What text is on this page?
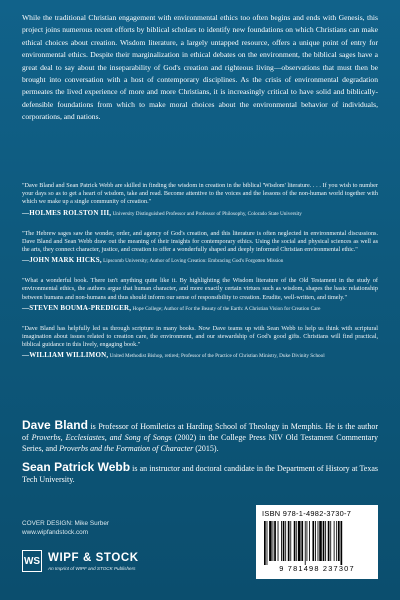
While the traditional Christian engagement with environmental ethics too often begins and ends with Genesis, this project joins numerous recent efforts by biblical scholars to identify new foundations on which Christians can make ethical choices about creation. Wisdom literature, a largely untapped resource, offers a unique point of entry for environmental ethics. Despite their marginalization in ethical debates on the environment, the biblical sages have a great deal to say about the inseparability of God's creation and righteous living—observations that must then be brought into conversation with a host of contemporary disciplines. As the crisis of environmental degradation permeates the lived experience of more and more Christians, it is increasingly critical to have solid and biblically-defensible foundations from which to make moral choices about the environmental behavior of individuals, corporations, and nations.
"Dave Bland and Sean Patrick Webb are skilled in finding the wisdom in creation in the biblical 'Wisdom' literature. . . . If you wish to number your days so as to get a heart of wisdom, take and read. Become attentive to the voices and the lessons of the non-human world together with which we make up a single community of creation."
—HOLMES ROLSTON III, University Distinguished Professor and Professor of Philosophy, Colorado State University
"The Hebrew sages saw the wonder, order, and agency of God's creation, and this literature is often neglected in environmental discussions. Dave Bland and Sean Webb draw out the meaning of their insights for contemporary ethics. Using the social and physical sciences as well as the arts, they connect character, justice, and creation to offer a wonderfully shaped and deeply informed Christian environmental ethic."
—JOHN MARK HICKS, Lipscomb University; Author of Loving Creation: Embracing God's Forgotten Mission
"What a wonderful book. There isn't anything quite like it. By highlighting the Wisdom literature of the Old Testament in the study of environmental ethics, the authors argue that human character, and more exactly certain virtues such as wisdom, shapes the basic relationship between humans and non-humans and thus should inform our sense of responsibility to creation. Erudite, well-written, and timely."
—STEVEN BOUMA-PREDIGER, Hope College; Author of For the Beauty of the Earth: A Christian Vision for Creation Care
"Dave Bland has helpfully led us through scripture in many books. Now Dave teams up with Sean Webb to help us think with scriptural imagination about issues related to creation care, the environment, and our stewardship of God's good gifts. Christians will find practical, biblical guidance in this lively, engaging book."
—WILLIAM WILLIMON, United Methodist Bishop, retired; Professor of the Practice of Christian Ministry, Duke Divinity School
Dave Bland is Professor of Homiletics at Harding School of Theology in Memphis. He is the author of Proverbs, Ecclesiastes, and Song of Songs (2002) in the College Press NIV Old Testament Commentary Series, and Proverbs and the Formation of Character (2015).
Sean Patrick Webb is an instructor and doctoral candidate in the Department of History at Texas Tech University.
COVER DESIGN: Mike Surber
www.wipfandstock.com
WS WIPF & STOCK
An Imprint of WIPF and STOCK Publishers
ISBN 978-1-4982-3730-7
9 781498 237307
